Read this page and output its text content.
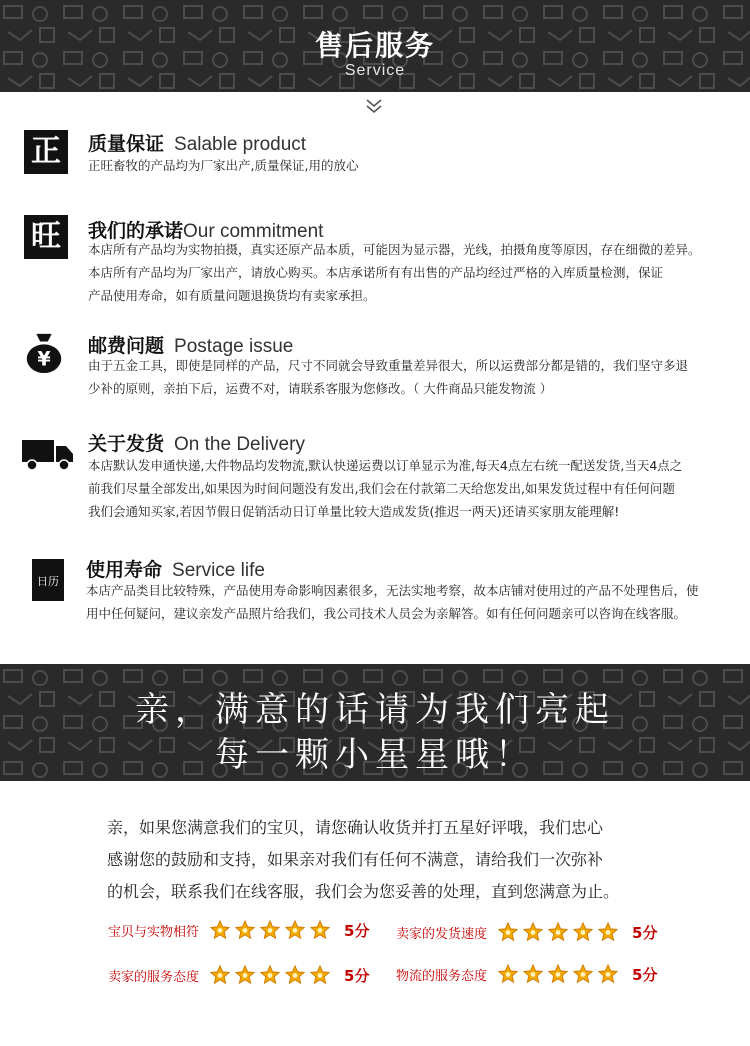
售后服务
Service
正	质量保证 Salable product

正旺畜牧的产品均为厂家出产,质量保证,用的放心

旺	我们的承诺Our commitment

本店所有产品均为实物拍摄，真实还原产品本质，可能因为显示器，光线，拍摄角度等原因，存在细微的差异。

本店所有产品均为厂家出产，请放心购买。本店承诺所有有出售的产品均经过严格的入库质量检测，保证

产品使用寿命，如有质量问题退换货均有卖家承担。

¥
邮费问题 Postage issue

由于五金工具，即使是同样的产品，尺寸不同就会导致重量差异很大，所以运费部分都是错的，我们坚守多退

少补的原则，亲拍下后，运费不对，请联系客服为您修改。（ 大件商品只能发物流 ）

关于发货 On the Delivery

本店默认发申通快递,大件物品均发物流,默认快递运费以订单显示为准,每天4点左右统一配送发货,当天4点之

前我们尽量全部发出,如果因为时间问题没有发出,我们会在付款第二天给您发出,如果发货过程中有任何问题

我们会通知买家,若因节假日促销活动日订单量比较大造成发货(推迟一两天)还请买家朋友能理解!

日历
使用寿命 Service life

本店产品类目比较特殊，产品使用寿命影响因素很多，无法实地考察，故本店铺对使用过的产品不处理售后，使

用中任何疑问，建议亲发产品照片给我们，我公司技术人员会为亲解答。如有任何问题亲可以咨询在线客服。

亲，满意的话请为我们亮起
每一颗小星星哦！

亲，如果您满意我们的宝贝，请您确认收货并打五星好评哦，我们忠心

感谢您的鼓励和支持，如果亲对我们有任何不满意，请给我们一次弥补

的机会，联系我们在线客服，我们会为您妥善的处理，直到您满意为止。

宝贝与实物相符	5分 卖家的发货速度	5分
卖家的服务态度	5分 物流的服务态度	5分
